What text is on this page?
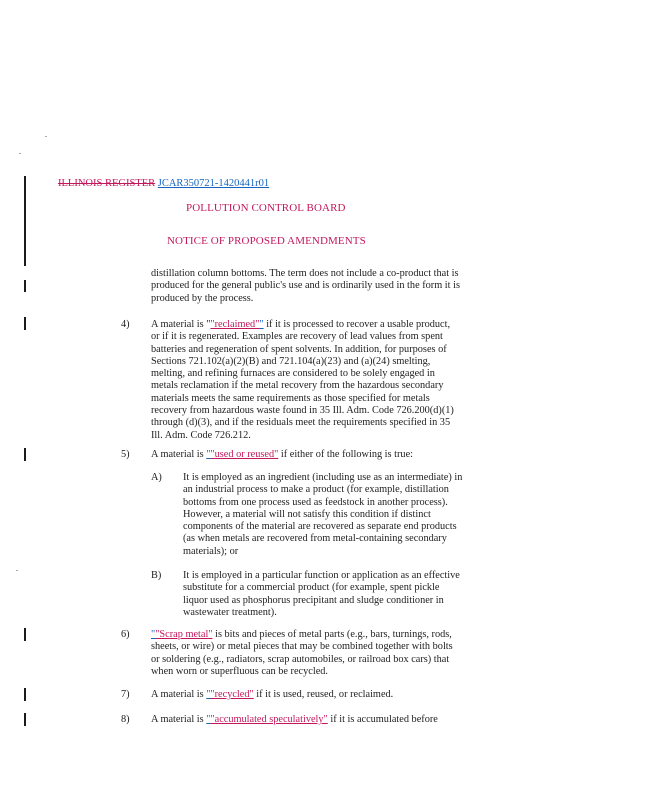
ILLINOIS REGISTER JCAR350721-1420441r01
POLLUTION CONTROL BOARD
NOTICE OF PROPOSED AMENDMENTS
distillation column bottoms. The term does not include a co-product that is produced for the general public's use and is ordinarily used in the form it is produced by the process.
4) A material is ""reclaimed"" if it is processed to recover a usable product, or if it is regenerated. Examples are recovery of lead values from spent batteries and regeneration of spent solvents. In addition, for purposes of Sections 721.102(a)(2)(B) and 721.104(a)(23) and (a)(24) smelting, melting, and refining furnaces are considered to be solely engaged in metals reclamation if the metal recovery from the hazardous secondary materials meets the same requirements as those specified for metals recovery from hazardous waste found in 35 Ill. Adm. Code 726.200(d)(1) through (d)(3), and if the residuals meet the requirements specified in 35 Ill. Adm. Code 726.212.
5) A material is ""used or reused" if either of the following is true:
A) It is employed as an ingredient (including use as an intermediate) in an industrial process to make a product (for example, distillation bottoms from one process used as feedstock in another process). However, a material will not satisfy this condition if distinct components of the material are recovered as separate end products (as when metals are recovered from metal-containing secondary materials); or
B) It is employed in a particular function or application as an effective substitute for a commercial product (for example, spent pickle liquor used as phosphorus precipitant and sludge conditioner in wastewater treatment).
6) ""Scrap metal" is bits and pieces of metal parts (e.g., bars, turnings, rods, sheets, or wire) or metal pieces that may be combined together with bolts or soldering (e.g., radiators, scrap automobiles, or railroad box cars) that when worn or superfluous can be recycled.
7) A material is ""recycled" if it is used, reused, or reclaimed.
8) A material is ""accumulated speculatively" if it is accumulated before
